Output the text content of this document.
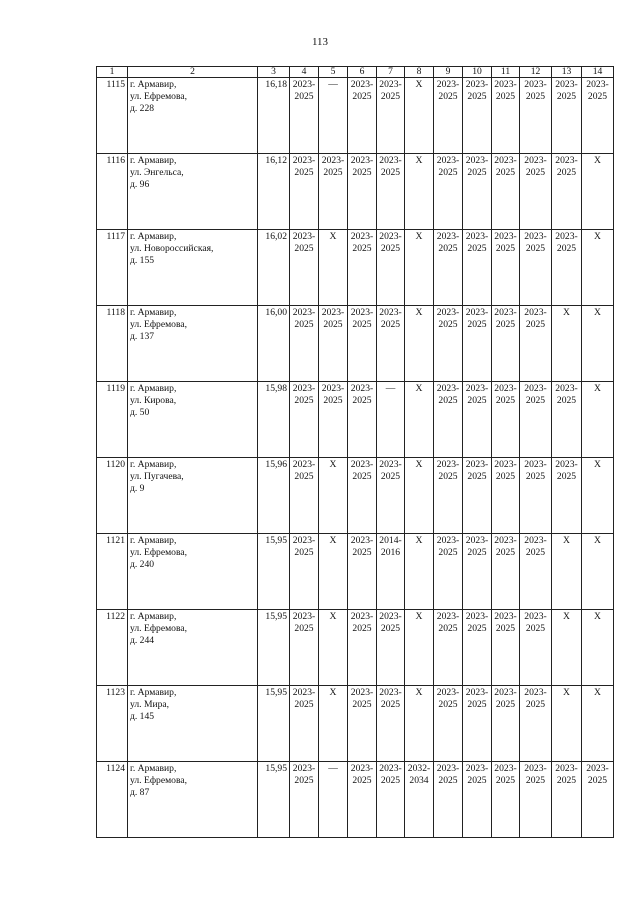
113
1	2	3	4	5	6	7	8	9	10	11	12	13	14
1115	г. Армавир,
ул. Ефремова,
д. 228	16,18	2023-
2025	—	2023-
2025	2023-
2025	X	2023-
2025	2023-
2025	2023-
2025	2023-
2025	2023-
2025	2023-
2025

1116	г. Армавир,
ул. Энгельса,
д. 96	16,12	2023-
2025	2023-
2025	2023-
2025	2023-
2025	X	2023-
2025	2023-
2025	2023-
2025	2023-
2025	2023-
2025	X

1117	г. Армавир,
ул. Новороссийская,
д. 155	16,02	2023-
2025	X	2023-
2025	2023-
2025	X	2023-
2025	2023-
2025	2023-
2025	2023-
2025	2023-
2025	X

1118	г. Армавир,
ул. Ефремова,
д. 137	16,00	2023-
2025	2023-
2025	2023-
2025	2023-
2025	X	2023-
2025	2023-
2025	2023-
2025	2023-
2025	X	X

1119	г. Армавир,
ул. Кирова,
д. 50	15,98	2023-
2025	2023-
2025	2023-
2025	—	X	2023-
2025	2023-
2025	2023-
2025	2023-
2025	2023-
2025	X

1120	г. Армавир,
ул. Пугачева,
д. 9	15,96	2023-
2025	X	2023-
2025	2023-
2025	X	2023-
2025	2023-
2025	2023-
2025	2023-
2025	2023-
2025	X

1121	г. Армавир,
ул. Ефремова,
д. 240	15,95	2023-
2025	X	2023-
2025	2014-
2016	X	2023-
2025	2023-
2025	2023-
2025	2023-
2025	X	X

1122	г. Армавир,
ул. Ефремова,
д. 244	15,95	2023-
2025	X	2023-
2025	2023-
2025	X	2023-
2025	2023-
2025	2023-
2025	2023-
2025	X	X

1123	г. Армавир,
ул. Мира,
д. 145	15,95	2023-
2025	X	2023-
2025	2023-
2025	X	2023-
2025	2023-
2025	2023-
2025	2023-
2025	X	X

1124	г. Армавир,
ул. Ефремова,
д. 87	15,95	2023-
2025	—	2023-
2025	2023-
2025	2032-
2034	2023-
2025	2023-
2025	2023-
2025	2023-
2025	2023-
2025	2023-
2025
